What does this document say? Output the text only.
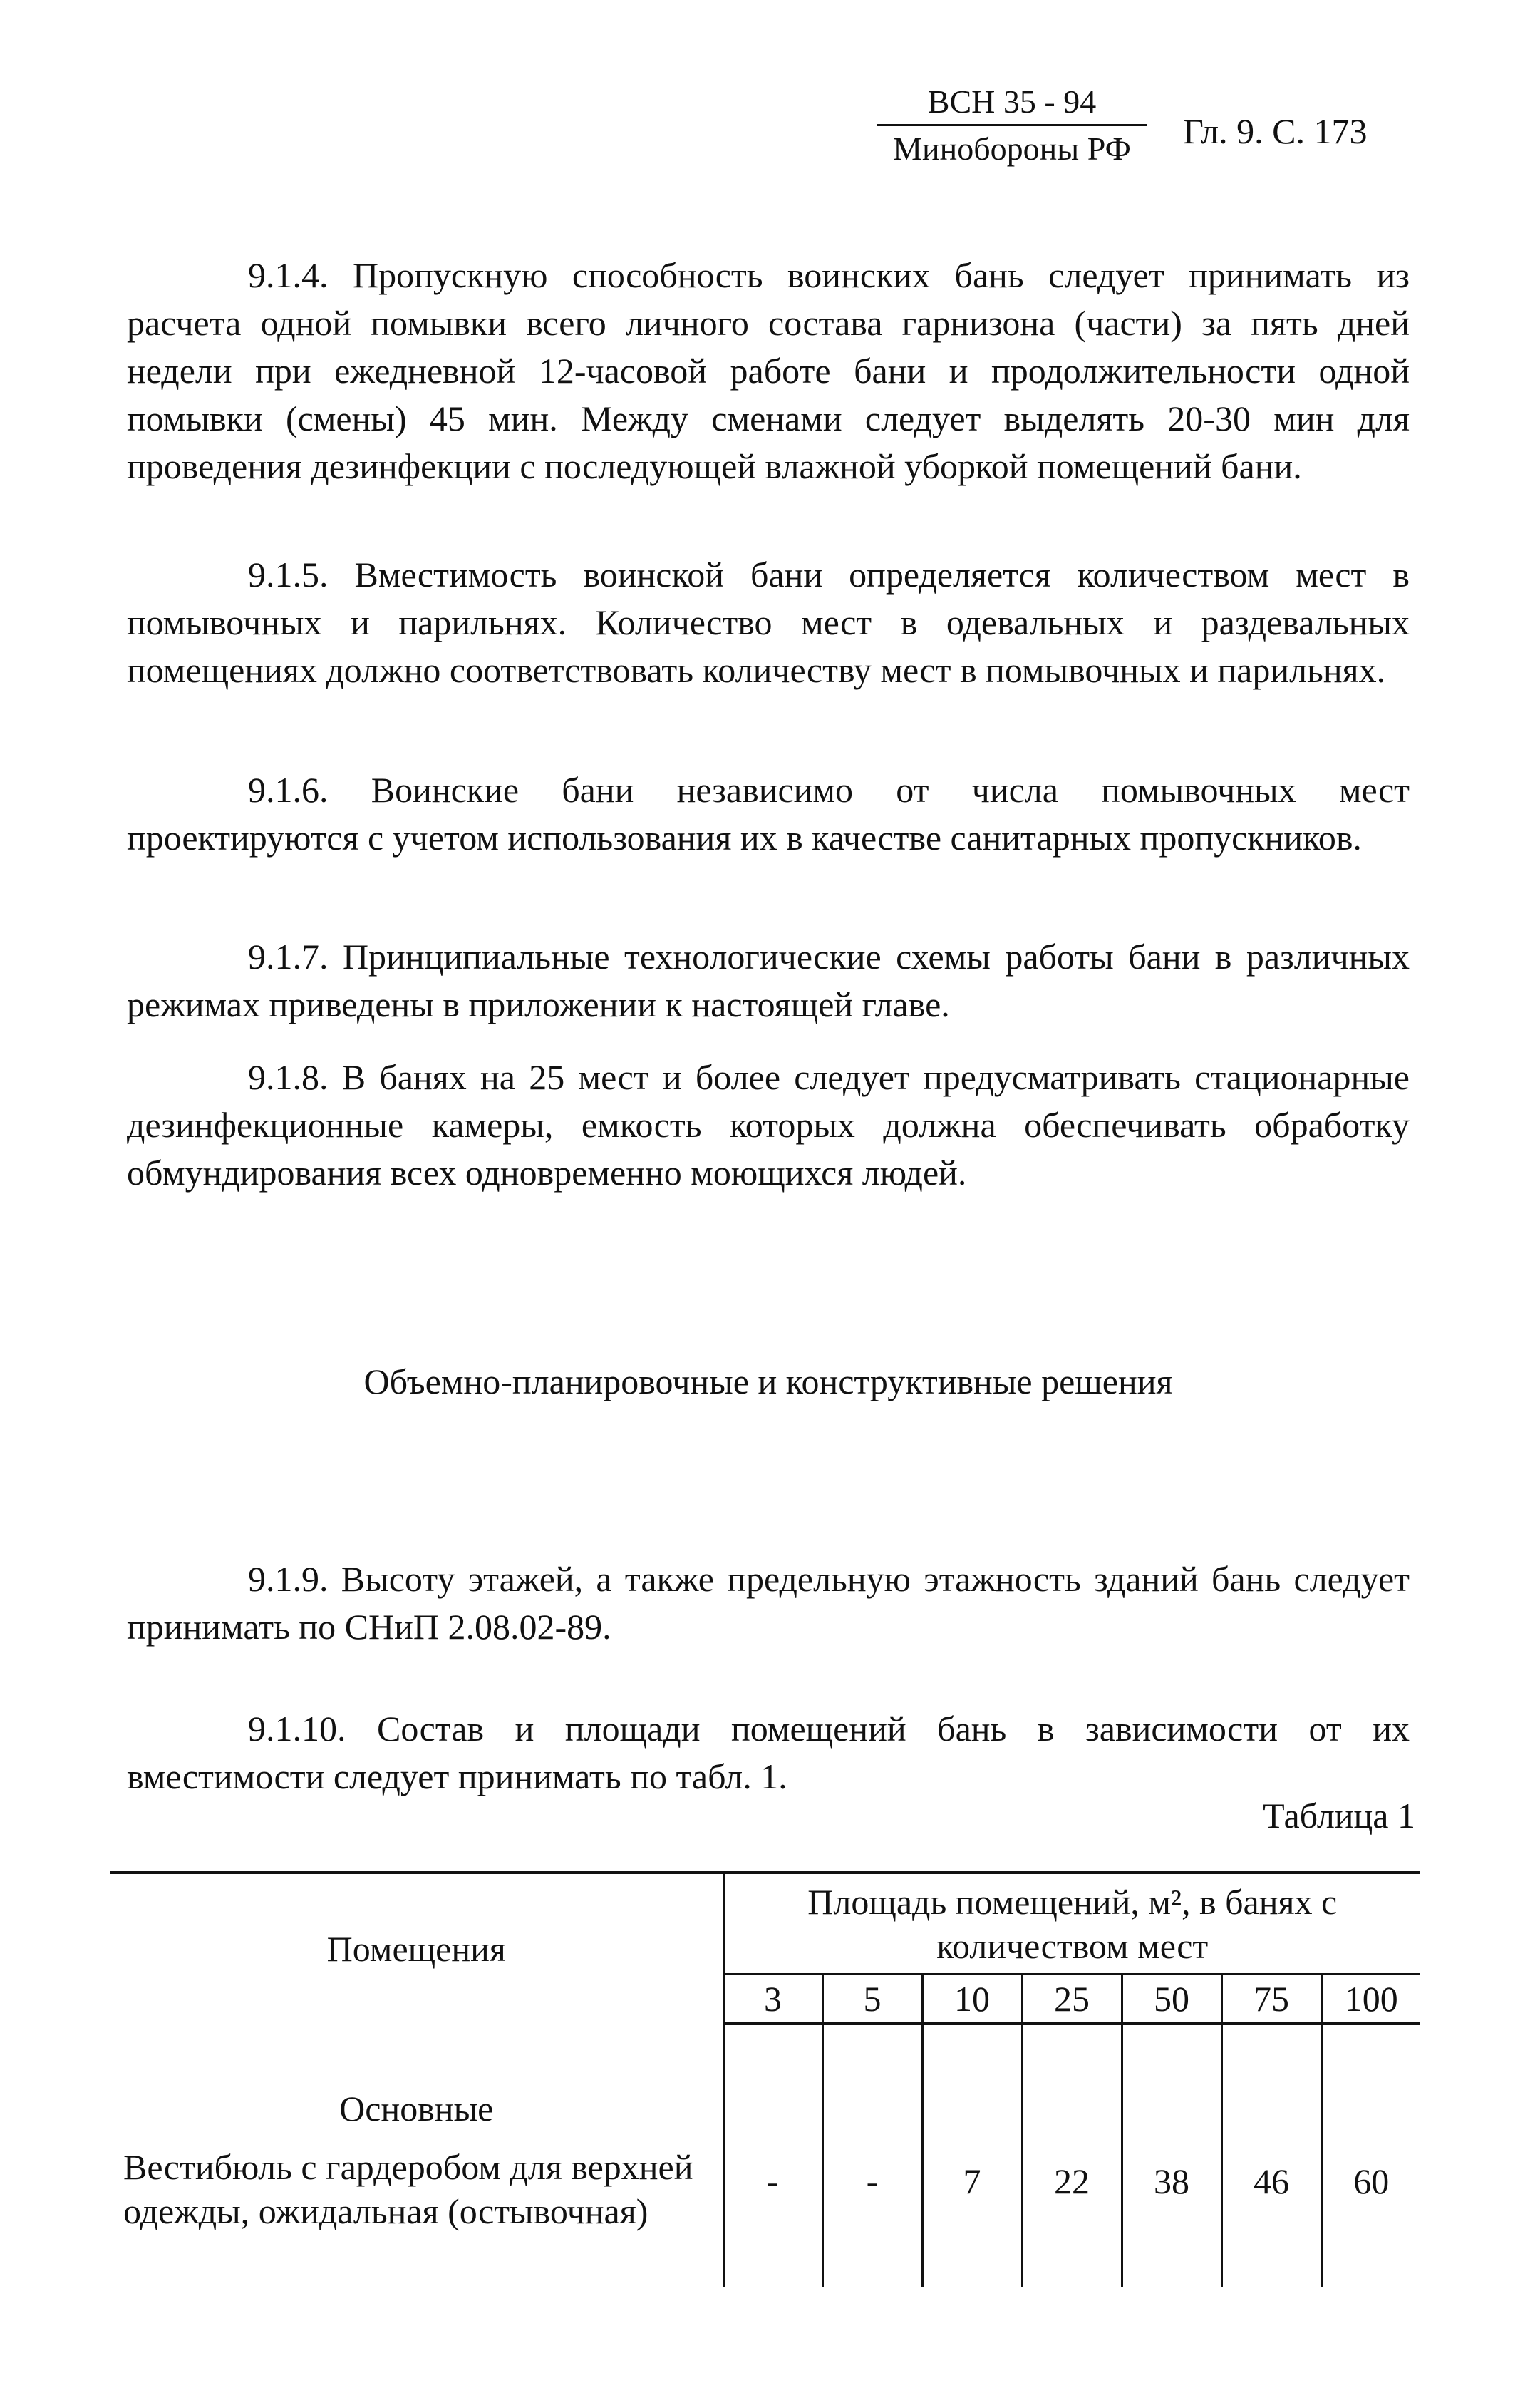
ВСН 35 - 94
Минобороны РФ	Гл. 9. С. 173

9.1.4. Пропускную способность воинских бань следует принимать из расчета одной помывки всего личного состава гарнизона (части) за пять дней недели при ежедневной 12-часовой работе бани и продолжительности одной помывки (смены) 45 мин. Между сменами следует выделять 20-30 мин для проведения дезинфекции с последующей влажной уборкой помещений бани.

9.1.5. Вместимость воинской бани определяется количеством мест в помывочных и парильнях. Количество мест в одевальных и раздевальных помещениях должно соответствовать количеству мест в помывочных и парильнях.

9.1.6. Воинские бани независимо от числа помывочных мест проектируются с учетом использования их в качестве санитарных пропускников.

9.1.7. Принципиальные технологические схемы работы бани в различных режимах приведены в приложении к настоящей главе.

9.1.8. В банях на 25 мест и более следует предусматривать стационарные дезинфекционные камеры, емкость которых должна обеспечивать обработку обмундирования всех одновременно моющихся людей.

Объемно-планировочные и конструктивные решения

9.1.9. Высоту этажей, а также предельную этажность зданий бань следует принимать по СНиП 2.08.02-89.

9.1.10. Состав и площади помещений бань в зависимости от их вместимости следует принимать по табл. 1.

Таблица 1
Помещения	Площадь помещений, м², в банях с количеством мест						
	3	5	10	25	50	75	100
Основные							
Вестибюль с гардеробом для верхней одежды, ожидальная (остывочная)	-	-	7	22	38	46	60
